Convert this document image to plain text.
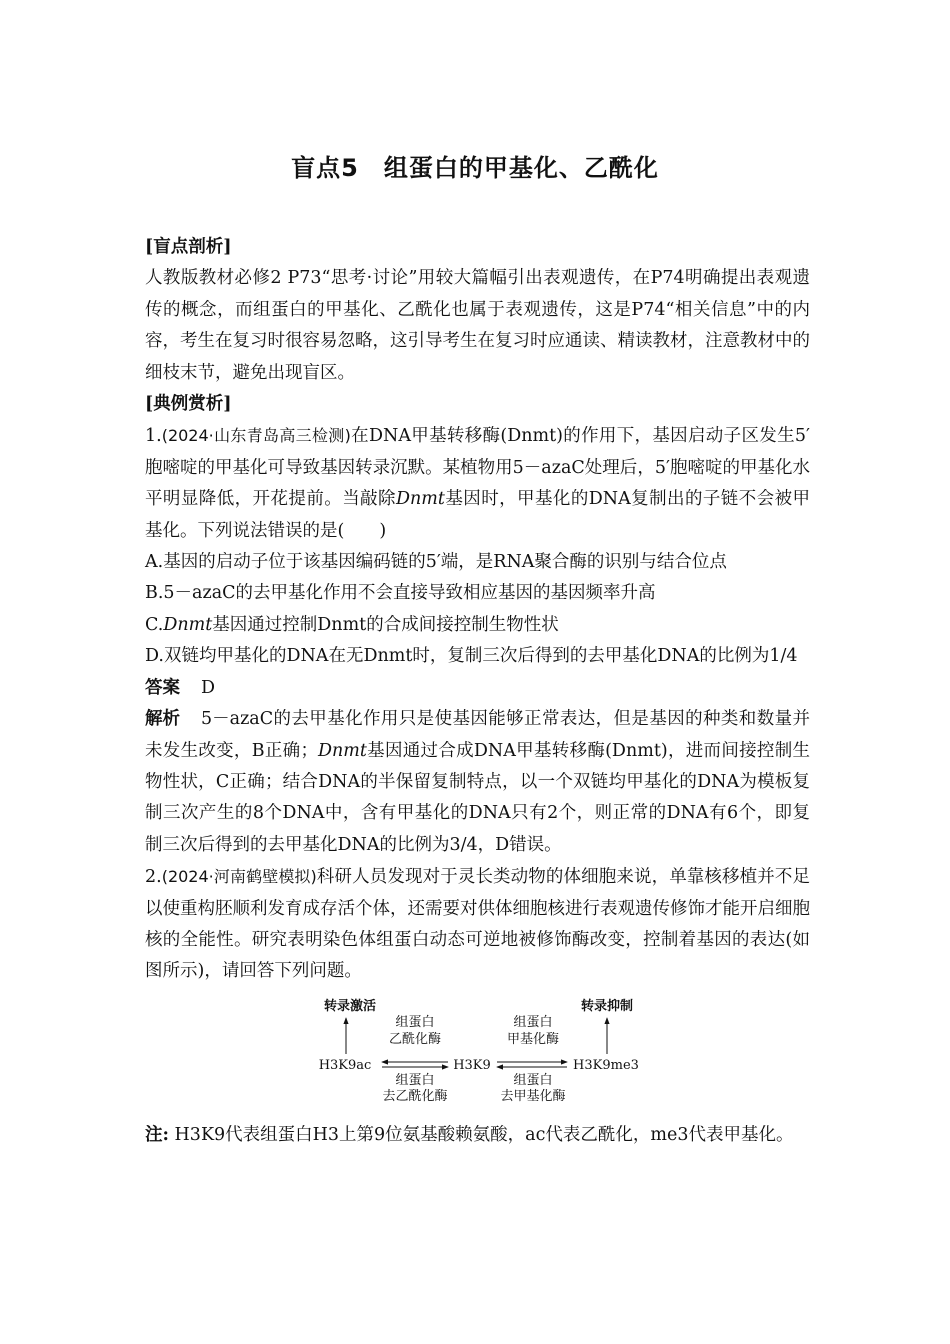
盲点5　组蛋白的甲基化、乙酰化

[盲点剖析]

人教版教材必修2 P73“思考·讨论”用较大篇幅引出表观遗传，在P74明确提出表观遗传的概念，而组蛋白的甲基化、乙酰化也属于表观遗传，这是P74“相关信息”中的内容，考生在复习时很容易忽略，这引导考生在复习时应通读、精读教材，注意教材中的细枝末节，避免出现盲区。

[典例赏析]

1.(2024·山东青岛高三检测)在DNA甲基转移酶(Dnmt)的作用下，基因启动子区发生5′胞嘧啶的甲基化可导致基因转录沉默。某植物用5－azaC处理后，5′胞嘧啶的甲基化水平明显降低，开花提前。当敲除Dnmt基因时，甲基化的DNA复制出的子链不会被甲基化。下列说法错误的是(　　)

A.基因的启动子位于该基因编码链的5′端，是RNA聚合酶的识别与结合位点

B.5－azaC的去甲基化作用不会直接导致相应基因的基因频率升高

C.Dnmt基因通过控制Dnmt的合成间接控制生物性状

D.双链均甲基化的DNA在无Dnmt时，复制三次后得到的去甲基化DNA的比例为1/4

答案 D

解析 5－azaC的去甲基化作用只是使基因能够正常表达，但是基因的种类和数量并未发生改变，B正确；Dnmt基因通过合成DNA甲基转移酶(Dnmt)，进而间接控制生物性状，C正确；结合DNA的半保留复制特点，以一个双链均甲基化的DNA为模板复制三次产生的8个DNA中，含有甲基化的DNA只有2个，则正常的DNA有6个，即复制三次后得到的去甲基化DNA的比例为3/4，D错误。

2.(2024·河南鹤壁模拟)科研人员发现对于灵长类动物的体细胞来说，单靠核移植并不足以使重构胚顺利发育成存活个体，还需要对供体细胞核进行表观遗传修饰才能开启细胞核的全能性。研究表明染色体组蛋白动态可逆地被修饰酶改变，控制着基因的表达(如图所示)，请回答下列问题。

转录激活	转录抑制
H3K9ac	H3K9	H3K9me3
组蛋白
乙酰化酶
组蛋白
去乙酰化酶
组蛋白
甲基化酶
组蛋白
去甲基化酶

注: H3K9代表组蛋白H3上第9位氨基酸赖氨酸，ac代表乙酰化，me3代表甲基化。
